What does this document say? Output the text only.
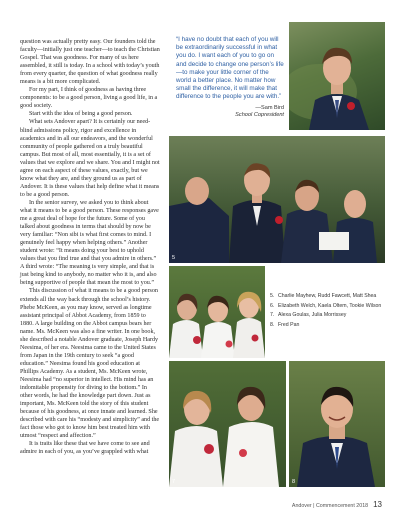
question was actually pretty easy. Our founders told the faculty—initially just one teacher—to teach the Christian Gospel. That was goodness. For many of us here assembled, it still is today. In a school with today’s youth from every quarter, the question of what goodness really means is a bit more complicated.

For my part, I think of goodness as having three components: to be a good person, living a good life, in a good society.

Start with the idea of being a good person.

What sets Andover apart? It is certainly our need-blind admissions policy, rigor and excellence in academics and in all our endeavors, and the wonderful community of people gathered on a truly beautiful campus. But most of all, most essentially, it is a set of values that we explore and we share. You and I might not agree on each aspect of these values, exactly, but we know what they are, and they ground us as part of Andover. It is these values that help define what it means to be a good person.

In the senior survey, we asked you to think about what it means to be a good person. These responses gave me a great deal of hope for the future. Some of you talked about goodness in terms that should by now be very familiar: “Non sibi is what first comes to mind. I genuinely feel happy when helping others.” Another student wrote: “It means doing your best to uphold values that you find true and that you admire in others.” A third wrote: “The meaning is very simple, and that is just being kind to anybody, no matter who it is, and also being supportive of people that mean the most to you.”

This discussion of what it means to be a good person extends all the way back through the school’s history. Phebe McKeen, as you may know, served as longtime assistant principal of Abbot Academy, from 1859 to 1880. A large building on the Abbot campus bears her name. Ms. McKeen was also a fine writer. In one book, she described a notable Andover graduate, Joseph Hardy Neesima, of her era. Neesima came to the United States from Japan in the 19th century to seek “a good education.” Neesima found his good education at Phillips Academy. As a student, Ms. McKeen wrote, Neesima had “no superior in intellect. His mind has an indomitable propensity for diving to the bottom.” In other words, he had the knowledge part down. Just as important, Ms. McKeen told the story of this student because of his goodness, at once innate and learned. She described with care his “modesty and simplicity” and the fact those who got to know him best treated him with utmost “respect and affection.”

It is traits like these that we have come to see and admire in each of you, as you’ve grappled with what

“I have no doubt that each of you will be extraordinarily successful in what you do. I want each of you to go on and decide to change one person’s life—to make your little corner of the world a better place. No matter how small the difference, it will make that difference to the people you are with.”
—Sam Bird
School Copresident
5
7	8
5. Charlie Mayhew, Rudd Fawcett, Matt Shea
6. Elizabeth Welch, Kaela Oltem, Tookie Wilson
7. Alexa Goulas, Julia Morrissey
8. Fred Pan
Andover | Commencement 2018 13
